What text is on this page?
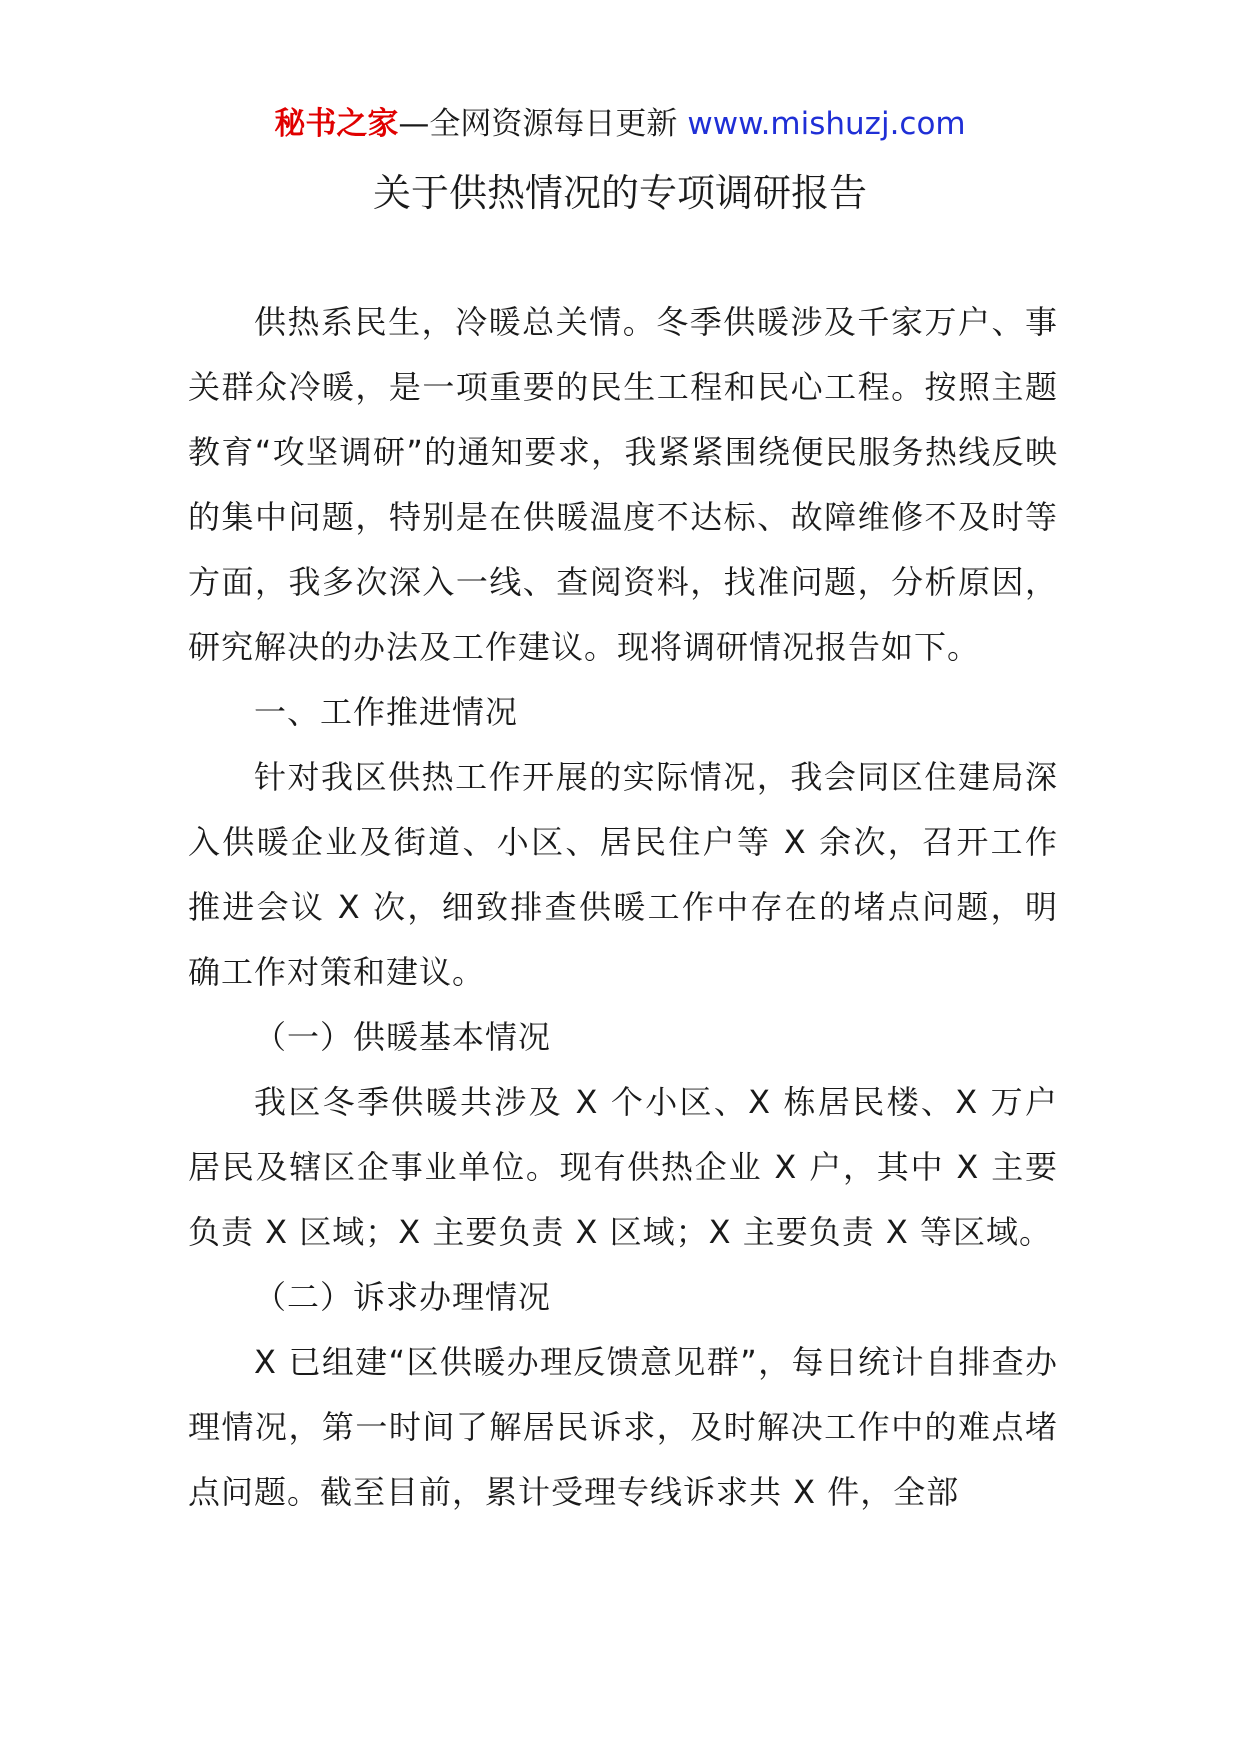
秘书之家—全网资源每日更新 www.mishuzj.com
关于供热情况的专项调研报告

供热系民生，冷暖总关情。冬季供暖涉及千家万户、事关群众冷暖，是一项重要的民生工程和民心工程。按照主题教育“攻坚调研”的通知要求，我紧紧围绕便民服务热线反映的集中问题，特别是在供暖温度不达标、故障维修不及时等方面，我多次深入一线、查阅资料，找准问题，分析原因，研究解决的办法及工作建议。现将调研情况报告如下。

一、工作推进情况

针对我区供热工作开展的实际情况，我会同区住建局深入供暖企业及街道、小区、居民住户等 X 余次，召开工作推进会议 X 次，细致排查供暖工作中存在的堵点问题，明确工作对策和建议。

（一）供暖基本情况

我区冬季供暖共涉及 X 个小区、X 栋居民楼、X 万户居民及辖区企事业单位。现有供热企业 X 户，其中 X 主要负责 X 区域；X 主要负责 X 区域；X 主要负责 X 等区域。

（二）诉求办理情况

X 已组建“区供暖办理反馈意见群”，每日统计自排查办理情况，第一时间了解居民诉求，及时解决工作中的难点堵点问题。截至目前，累计受理专线诉求共 X 件，全部
